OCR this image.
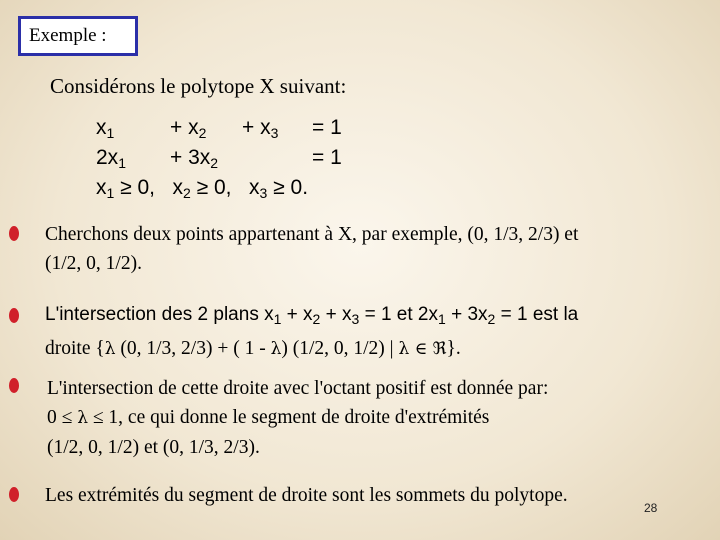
Exemple :
Considérons le polytope X suivant:
$x_1$	+ $x_2 + x_3 = 1$
$2x_1 + 3x_2$	= 1
$x_1 \ge 0$,   $x_2 \ge 0$,   $x_3 \ge 0$.
Cherchons deux points appartenant à X, par exemple, (0, 1/3, 2/3) et
(1/2, 0, 1/2).
L'intersection des 2 plans $x_1 + x_2 + x_3 = 1$ et $2x_1 + 3x_2 = 1$ est la
droite {λ (0, 1/3, 2/3) + ( 1 - λ) (1/2, 0, 1/2) | λ ∈ ℜ}.
L'intersection de cette droite avec l'octant positif est donnée par:
0 ≤ λ ≤ 1, ce qui donne le segment de droite d'extrémités
(1/2, 0, 1/2) et (0, 1/3, 2/3).
Les extrémités du segment de droite sont les sommets du polytope.
28
